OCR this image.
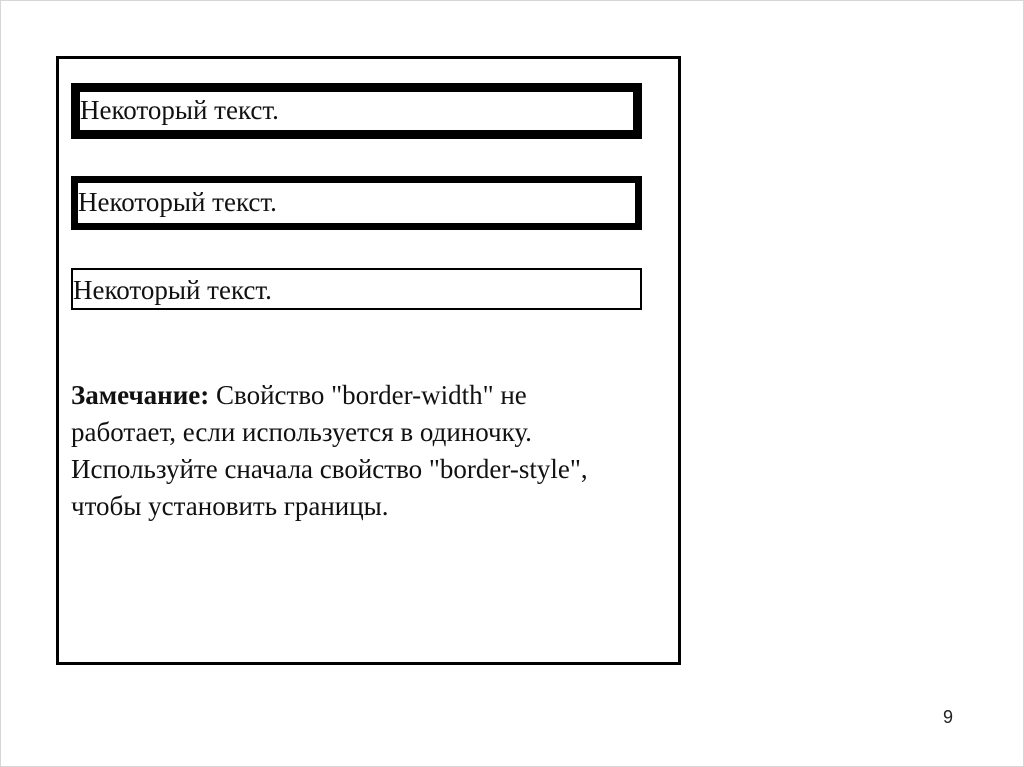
Некоторый текст.
Некоторый текст.
Некоторый текст.

Замечание: Свойство "border-width" не работает, если используется в одиночку. Используйте сначала свойство "border-style", чтобы установить границы.

9
